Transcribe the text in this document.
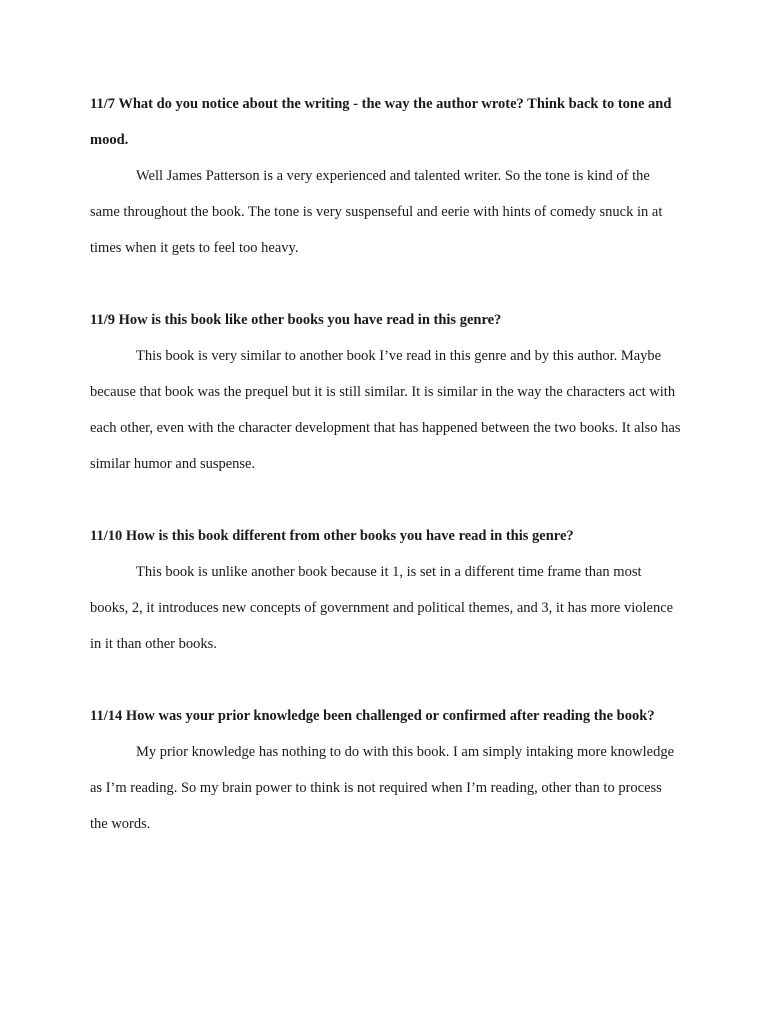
11/7 What do you notice about the writing - the way the author wrote? Think back to tone and mood.

Well James Patterson is a very experienced and talented writer. So the tone is kind of the same throughout the book. The tone is very suspenseful and eerie with hints of comedy snuck in at times when it gets to feel too heavy.

11/9 How is this book like other books you have read in this genre?

This book is very similar to another book I’ve read in this genre and by this author. Maybe because that book was the prequel but it is still similar. It is similar in the way the characters act with each other, even with the character development that has happened between the two books. It also has similar humor and suspense.

11/10 How is this book different from other books you have read in this genre?

This book is unlike another book because it 1, is set in a different time frame than most books, 2, it introduces new concepts of government and political themes, and 3, it has more violence in it than other books.

11/14 How was your prior knowledge been challenged or confirmed after reading the book?

My prior knowledge has nothing to do with this book. I am simply intaking more knowledge as I’m reading. So my brain power to think is not required when I’m reading, other than to process the words.
